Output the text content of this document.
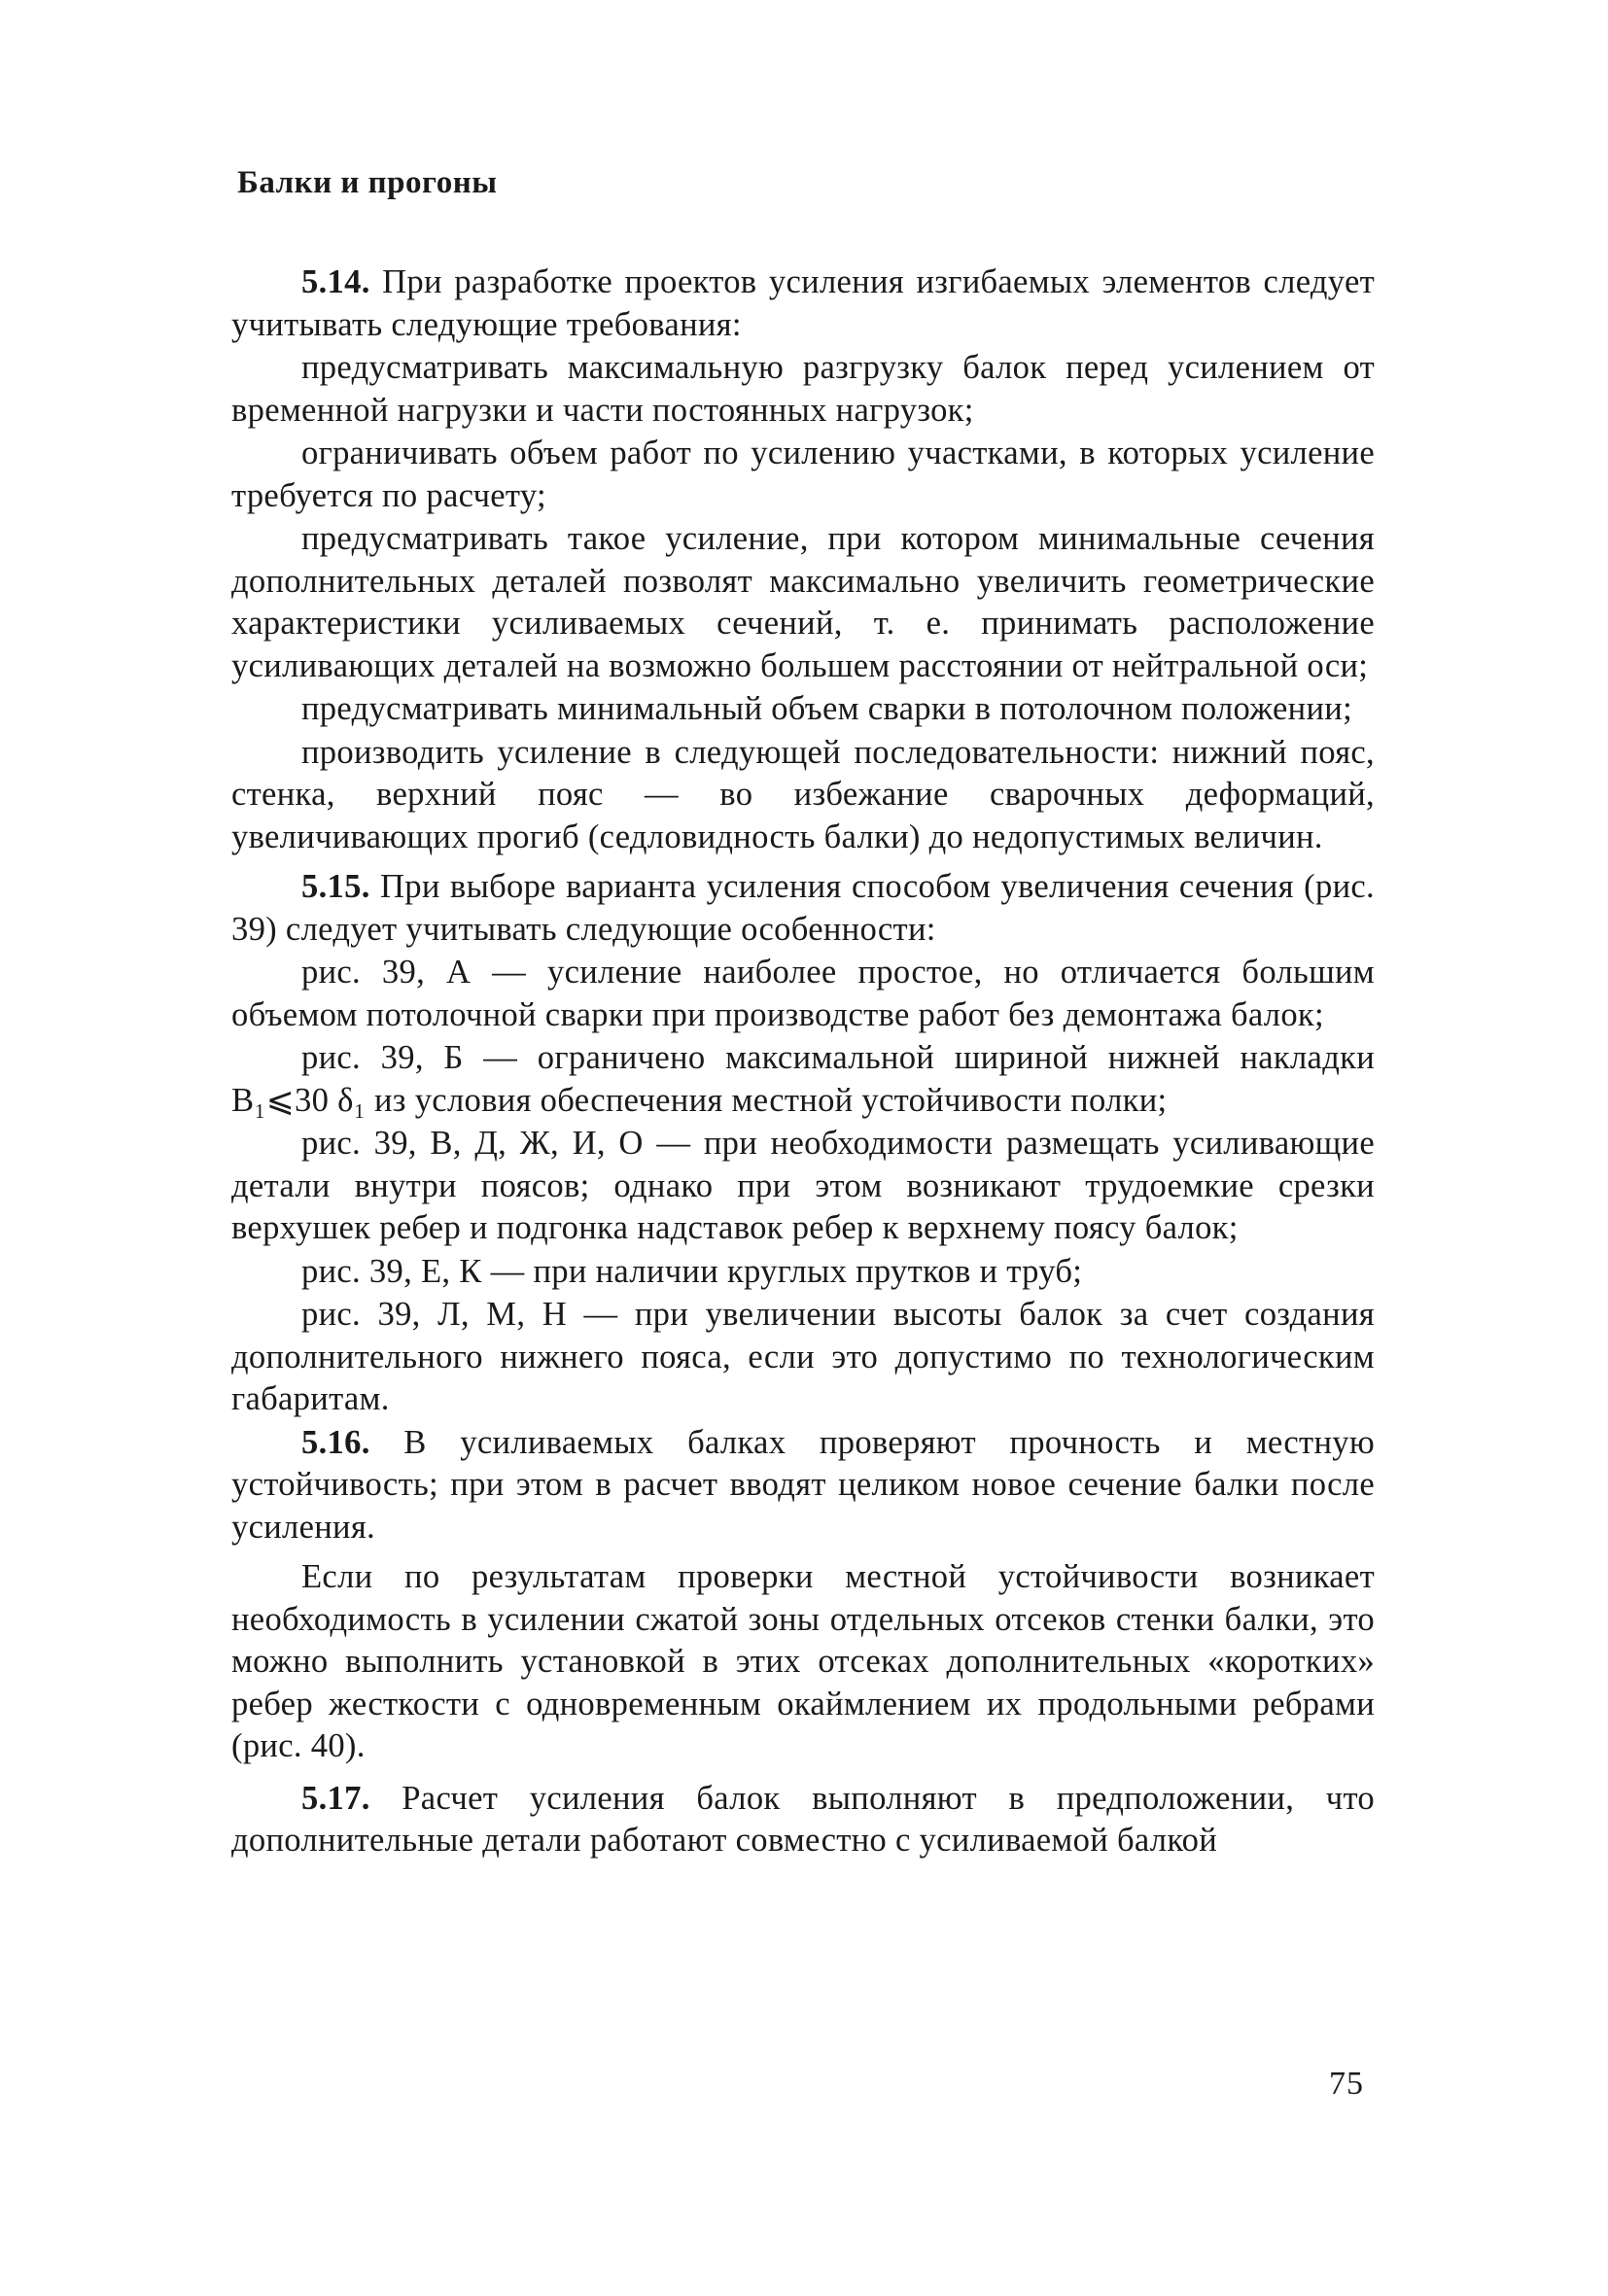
Балки и прогоны

5.14. При разработке проектов усиления изгибаемых элементов следует учитывать следующие требования:

предусматривать максимальную разгрузку балок перед усилением от временной нагрузки и части постоянных нагрузок;

ограничивать объем работ по усилению участками, в которых усиление требуется по расчету;

предусматривать такое усиление, при котором минимальные сечения дополнительных деталей позволят максимально увеличить геометрические характеристики усиливаемых сечений, т. е. принимать расположение усиливающих деталей на возможно большем расстоянии от нейтральной оси;

предусматривать минимальный объем сварки в потолочном положении;

производить усиление в следующей последовательности: нижний пояс, стенка, верхний пояс — во избежание сварочных деформаций, увеличивающих прогиб (седловидность балки) до недопустимых величин.

5.15. При выборе варианта усиления способом увеличения сечения (рис. 39) следует учитывать следующие особенности:

рис. 39, А — усиление наиболее простое, но отличается большим объемом потолочной сварки при производстве работ без демонтажа балок;

рис. 39, Б — ограничено максимальной шириной нижней накладки B₁⩽30 δ₁ из условия обеспечения местной устойчивости полки;

рис. 39, В, Д, Ж, И, О — при необходимости размещать усиливающие детали внутри поясов; однако при этом возникают трудоемкие срезки верхушек ребер и подгонка надставок ребер к верхнему поясу балок;

рис. 39, Е, К — при наличии круглых прутков и труб;

рис. 39, Л, М, Н — при увеличении высоты балок за счет создания дополнительного нижнего пояса, если это допустимо по технологическим габаритам.

5.16. В усиливаемых балках проверяют прочность и местную устойчивость; при этом в расчет вводят целиком новое сечение балки после усиления.

Если по результатам проверки местной устойчивости возникает необходимость в усилении сжатой зоны отдельных отсеков стенки балки, это можно выполнить установкой в этих отсеках дополнительных «коротких» ребер жесткости с одновременным окаймлением их продольными ребрами (рис. 40).

5.17. Расчет усиления балок выполняют в предположении, что дополнительные детали работают совместно с усиливаемой балкой

75
